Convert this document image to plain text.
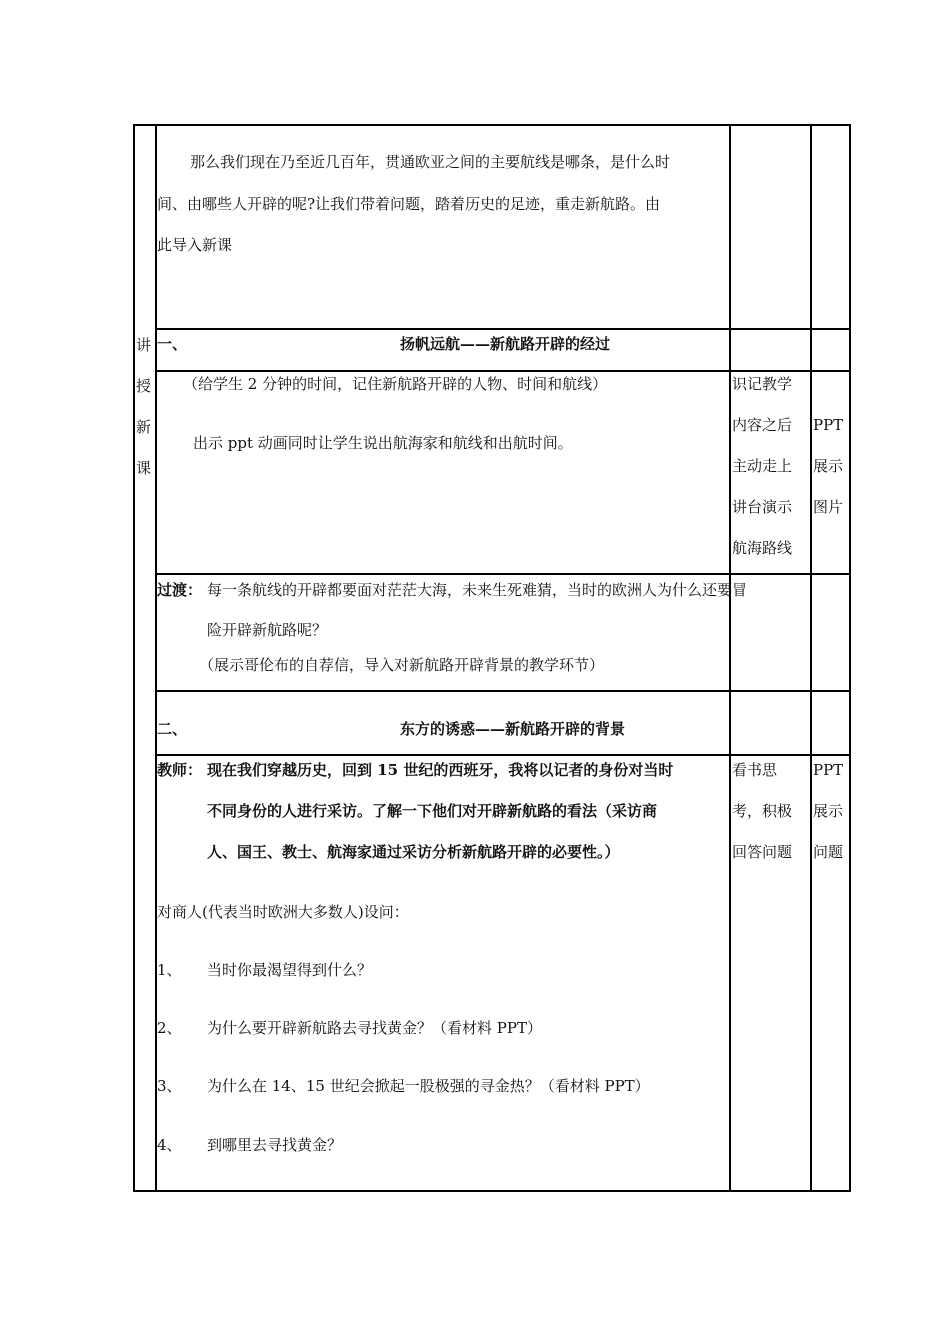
那么我们现在乃至近几百年，贯通欧亚之间的主要航线是哪条，是什么时
间、由哪些人开辟的呢?让我们带着问题，踏着历史的足迹，重走新航路。由
此导入新课
讲
授
新
课
一、	扬帆远航——新航路开辟的经过
（给学生 2 分钟的时间，记住新航路开辟的人物、时间和航线）
出示 ppt 动画同时让学生说出航海家和航线和出航时间。
识记教学
内容之后
主动走上
讲台演示
航海路线
PPT
展示
图片
过渡： 每一条航线的开辟都要面对茫茫大海，未来生死难猜，当时的欧洲人为什么还要冒
险开辟新航路呢？
（展示哥伦布的自荐信，导入对新航路开辟背景的教学环节）
二、	东方的诱惑——新航路开辟的背景
教师： 现在我们穿越历史，回到 15 世纪的西班牙，我将以记者的身份对当时
不同身份的人进行采访。了解一下他们对开辟新航路的看法（采访商
人、国王、教士、航海家通过采访分析新航路开辟的必要性。）
对商人(代表当时欧洲大多数人)设问：
1、 当时你最渴望得到什么？
2、 为什么要开辟新航路去寻找黄金？（看材料 PPT）
3、 为什么在 14、15 世纪会掀起一股极强的寻金热？（看材料 PPT）
4、 到哪里去寻找黄金？
看书思
考，积极
回答问题
PPT
展示
问题
